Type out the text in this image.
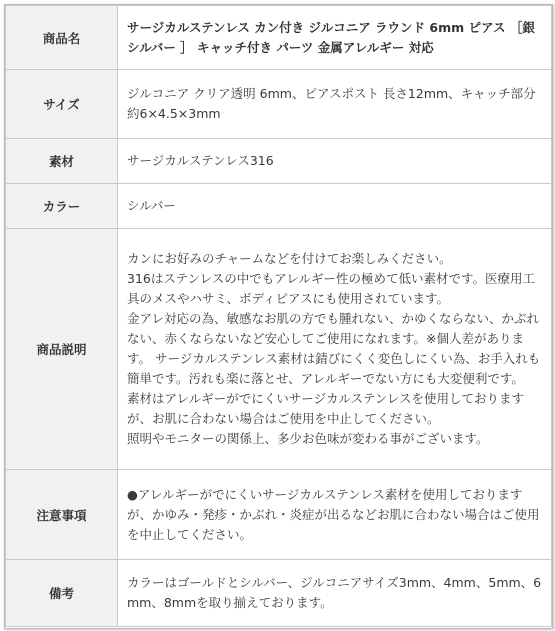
商品名	サージカルステンレス カン付き ジルコニア ラウンド 6mm ピアス ［銀 シルバー ］ キャッチ付き パーツ 金属アレルギー 対応
サイズ	ジルコニア クリア透明 6mm、ピアスポスト 長さ12mm、キャッチ部分 約6×4.5×3mm
素材	サージカルステンレス316
カラー	シルバー
商品説明	カンにお好みのチャームなどを付けてお楽しみください。
316はステンレスの中でもアレルギー性の極めて低い素材です。医療用工具のメスやハサミ、ボディピアスにも使用されています。
金アレ対応の為、敏感なお肌の方でも腫れない、かゆくならない、かぶれない、赤くならないなど安心してご使用になれます。※個人差があります。 サージカルステンレス素材は錆びにくく変色しにくい為、お手入れも簡単です。汚れも楽に落とせ、アレルギーでない方にも大変便利です。
素材はアレルギーがでにくいサージカルステンレスを使用しておりますが、お肌に合わない場合はご使用を中止してください。
照明やモニターの関係上、多少お色味が変わる事がございます。

注意事項	●アレルギーがでにくいサージカルステンレス素材を使用しておりますが、かゆみ・発疹・かぶれ・炎症が出るなどお肌に合わない場合はご使用を中止してください。
備考	カラーはゴールドとシルバー、ジルコニアサイズ3mm、4mm、5mm、6mm、8mmを取り揃えております。
